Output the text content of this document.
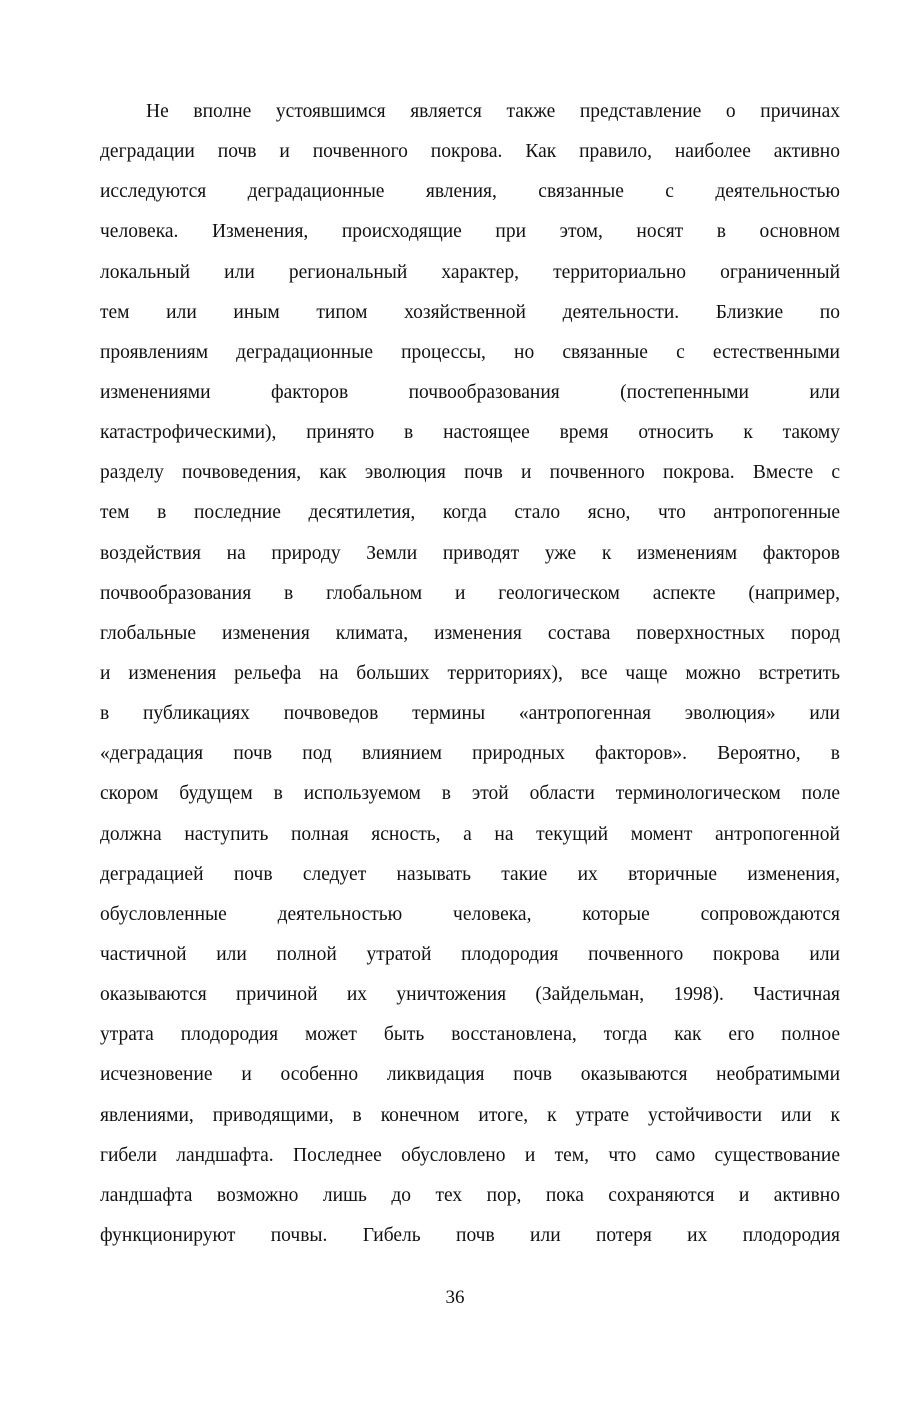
Не вполне устоявшимся является также представление о причинах
деградации почв и почвенного покрова. Как правило, наиболее активно
исследуются деградационные явления, связанные с деятельностью
человека. Изменения, происходящие при этом, носят в основном
локальный или региональный характер, территориально ограниченный
тем или иным типом хозяйственной деятельности. Близкие по
проявлениям деградационные процессы, но связанные с естественными
изменениями факторов почвообразования (постепенными или
катастрофическими), принято в настоящее время относить к такому
разделу почвоведения, как эволюция почв и почвенного покрова. Вместе с
тем в последние десятилетия, когда стало ясно, что антропогенные
воздействия на природу Земли приводят уже к изменениям факторов
почвообразования в глобальном и геологическом аспекте (например,
глобальные изменения климата, изменения состава поверхностных пород
и изменения рельефа на больших территориях), все чаще можно встретить
в публикациях почвоведов термины «антропогенная эволюция» или
«деградация почв под влиянием природных факторов». Вероятно, в
скором будущем в используемом в этой области терминологическом поле
должна наступить полная ясность, а на текущий момент антропогенной
деградацией почв следует называть такие их вторичные изменения,
обусловленные деятельностью человека, которые сопровождаются
частичной или полной утратой плодородия почвенного покрова или
оказываются причиной их уничтожения (Зайдельман, 1998). Частичная
утрата плодородия может быть восстановлена, тогда как его полное
исчезновение и особенно ликвидация почв оказываются необратимыми
явлениями, приводящими, в конечном итоге, к утрате устойчивости или к
гибели ландшафта. Последнее обусловлено и тем, что само существование
ландшафта возможно лишь до тех пор, пока сохраняются и активно
функционируют почвы. Гибель почв или потеря их плодородия
36
